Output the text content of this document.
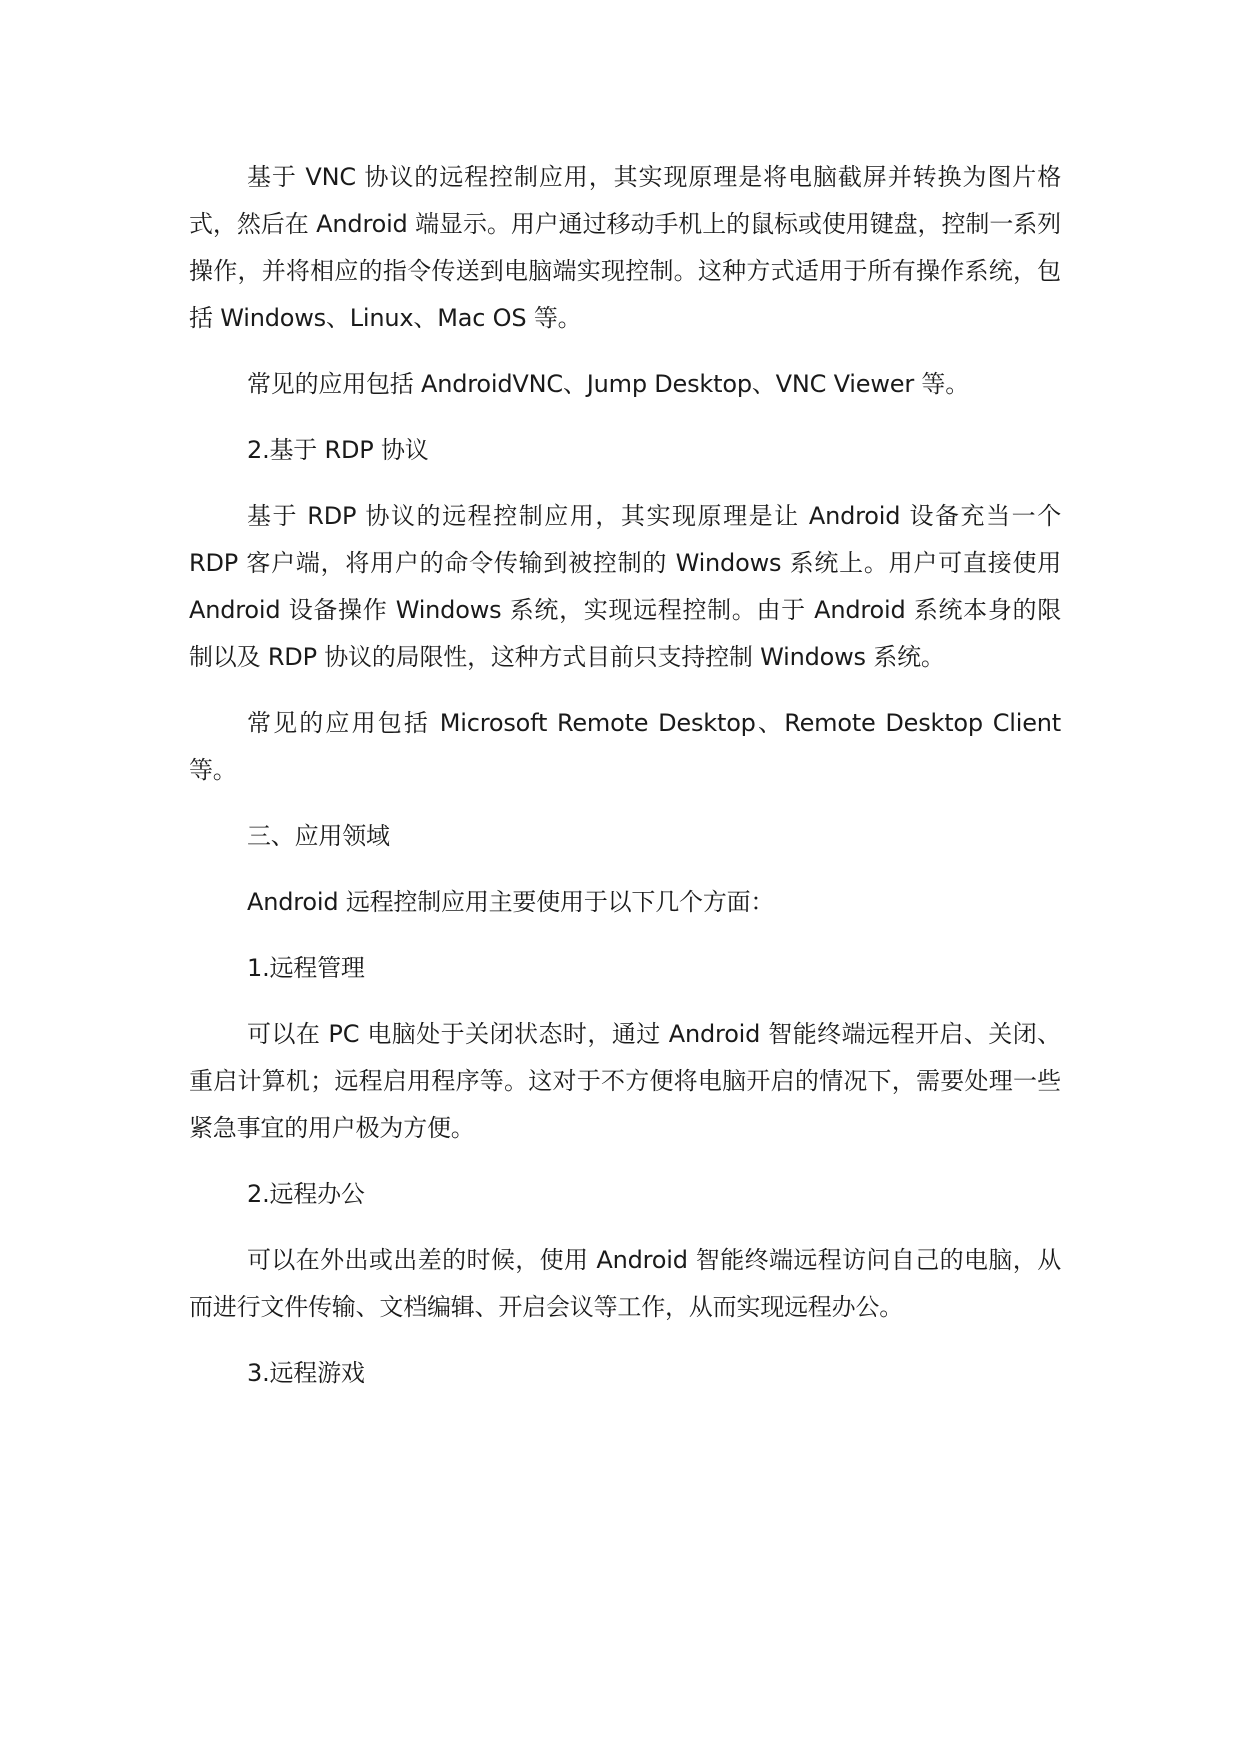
基于 VNC 协议的远程控制应用，其实现原理是将电脑截屏并转换为图片格式，然后在 Android 端显示。用户通过移动手机上的鼠标或使用键盘，控制一系列操作，并将相应的指令传送到电脑端实现控制。这种方式适用于所有操作系统，包括 Windows、Linux、Mac OS 等。

常见的应用包括 AndroidVNC、Jump Desktop、VNC Viewer 等。

2.基于 RDP 协议

基于 RDP 协议的远程控制应用，其实现原理是让 Android 设备充当一个 RDP 客户端，将用户的命令传输到被控制的 Windows 系统上。用户可直接使用 Android 设备操作 Windows 系统，实现远程控制。由于 Android 系统本身的限制以及 RDP 协议的局限性，这种方式目前只支持控制 Windows 系统。

常见的应用包括 Microsoft Remote Desktop、Remote Desktop Client 等。

三、应用领域

Android 远程控制应用主要使用于以下几个方面：

1.远程管理

可以在 PC 电脑处于关闭状态时，通过 Android 智能终端远程开启、关闭、重启计算机；远程启用程序等。这对于不方便将电脑开启的情况下，需要处理一些紧急事宜的用户极为方便。

2.远程办公

可以在外出或出差的时候，使用 Android 智能终端远程访问自己的电脑，从而进行文件传输、文档编辑、开启会议等工作，从而实现远程办公。

3.远程游戏
